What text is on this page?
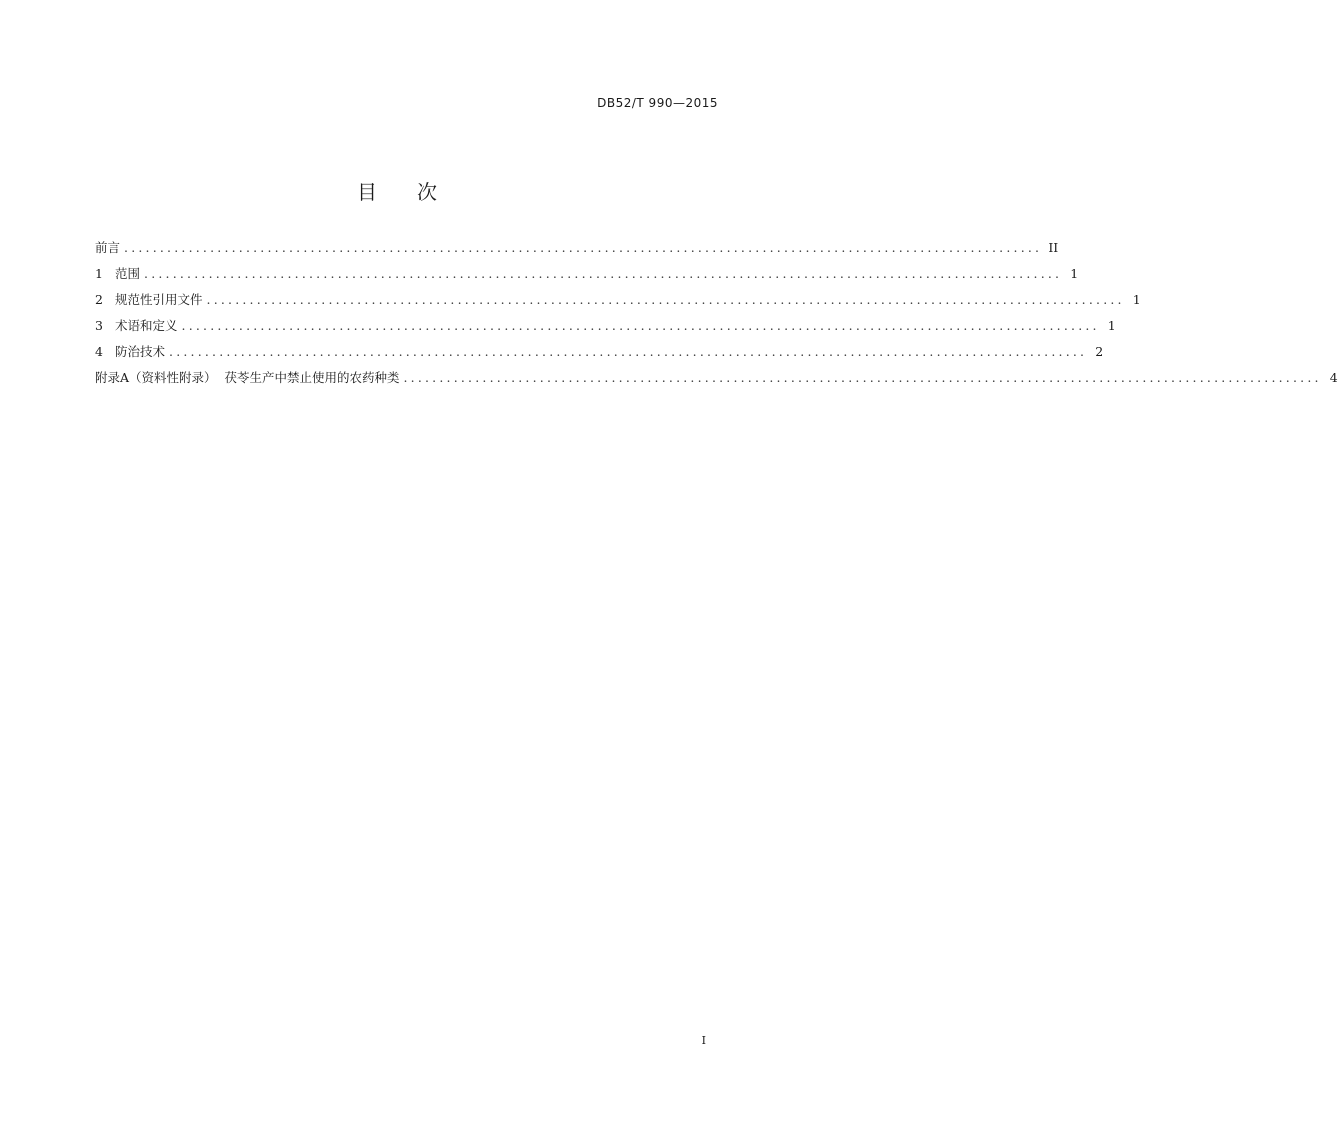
DB52/T 990—2015
目次
前言 ................................................................................................................................ II
1 范围 ................................................................................................................................ 1
2 规范性引用文件 ................................................................................................................................ 1
3 术语和定义 ................................................................................................................................ 1
4 防治技术 ................................................................................................................................ 2
附录A（资料性附录）  茯苓生产中禁止使用的农药种类 ................................................................................................................................ 4
I
